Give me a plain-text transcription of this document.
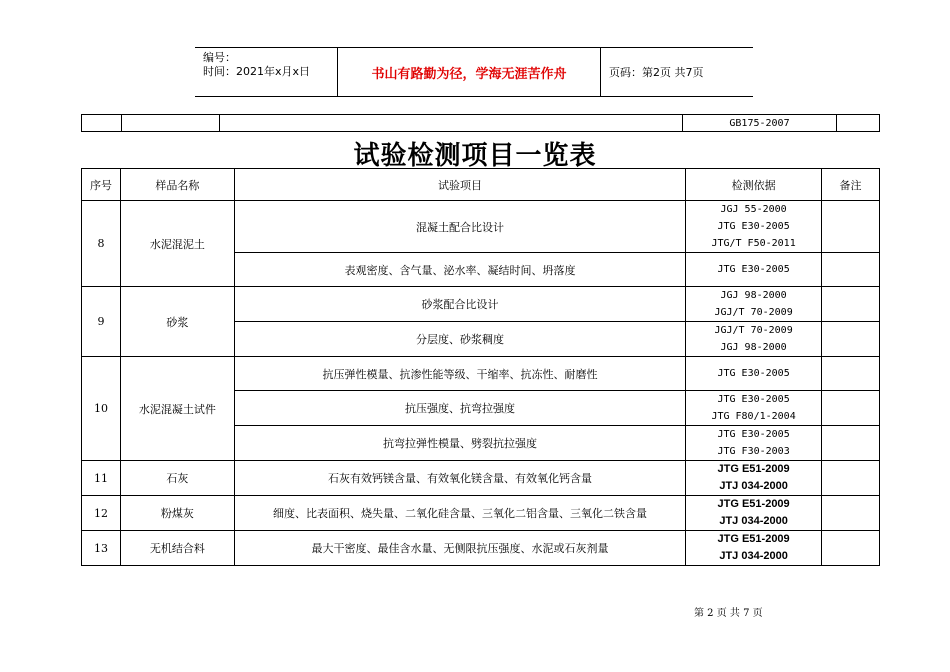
编号：
时间：2021年x月x日	书山有路勤为径，学海无涯苦作舟	页码：第2页 共7页
			GB175-2007	
试验检测项目一览表
序号	样品名称	试验项目	检测依据	备注
8	水泥混泥土	混凝土配合比设计	JGJ 55-2000
JTG E30-2005
JTG/T F50-2011	

		表观密度、含气量、泌水率、凝结时间、坍落度	JTG E30-2005	

9	砂浆	砂浆配合比设计	JGJ 98-2000
JGJ/T 70-2009	

		分层度、砂浆稠度	JGJ/T 70-2009
JGJ 98-2000	

10	水泥混凝土试件	抗压弹性模量、抗渗性能等级、干缩率、抗冻性、耐磨性	JTG E30-2005	

		抗压强度、抗弯拉强度	JTG E30-2005
JTG F80/1-2004	

		抗弯拉弹性模量、劈裂抗拉强度	JTG E30-2005
JTG F30-2003	

11	石灰	石灰有效钙镁含量、有效氧化镁含量、有效氧化钙含量	JTG E51-2009
JTJ 034-2000	

12	粉煤灰	细度、比表面积、烧失量、二氧化硅含量、三氧化二铝含量、三氧化二铁含量	JTG E51-2009
JTJ 034-2000	

13	无机结合料	最大干密度、最佳含水量、无侧限抗压强度、水泥或石灰剂量	JTG E51-2009
JTJ 034-2000	

第 2 页 共 7 页
